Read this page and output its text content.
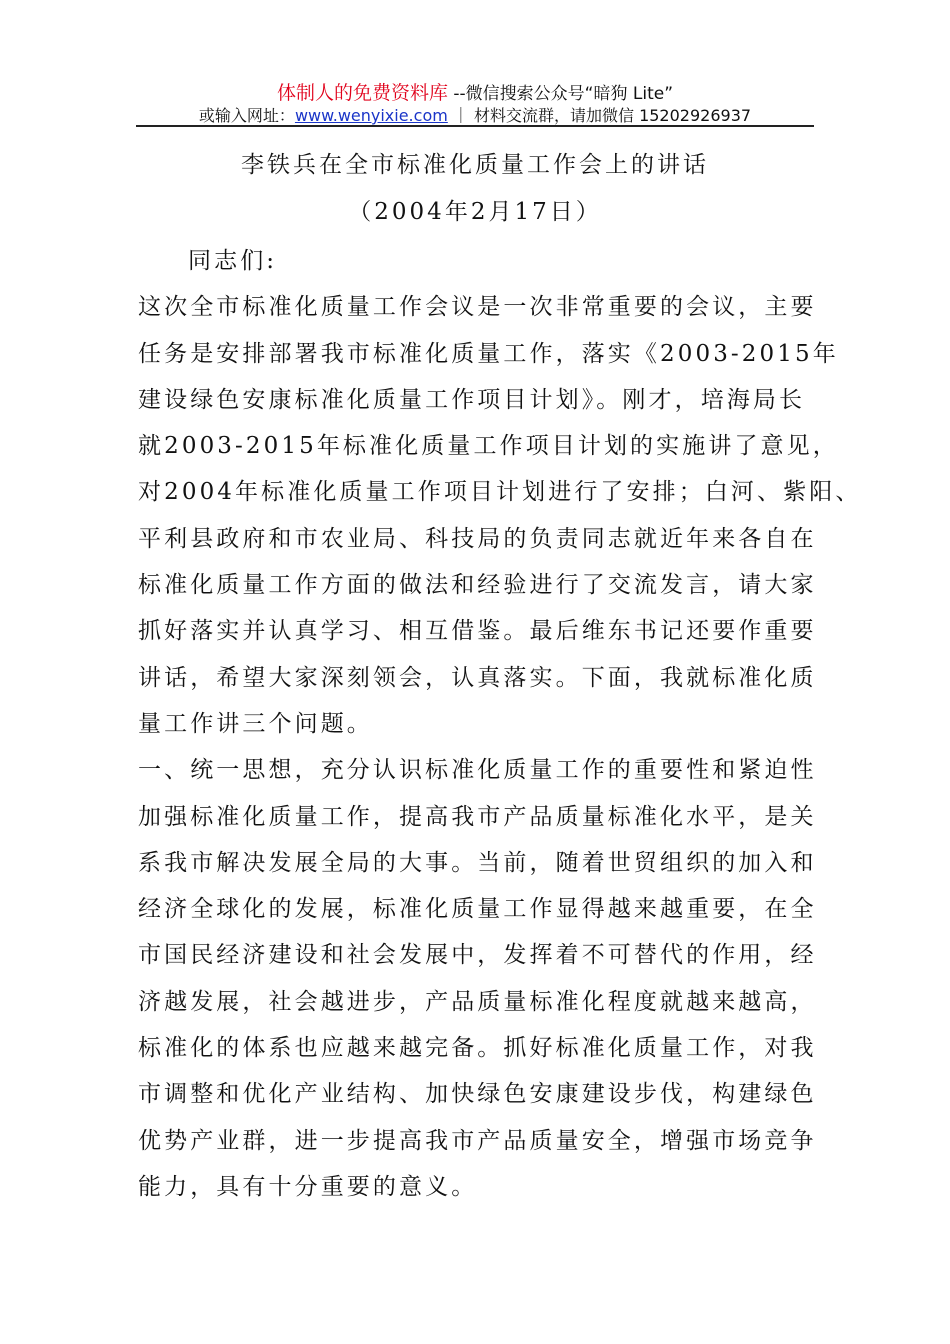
体制人的免费资料库 --微信搜索公众号“暗狗 Lite”
或输入网址：www.wenyixie.com ｜ 材料交流群，请加微信 15202926937
李铁兵在全市标准化质量工作会上的讲话
（2004年2月17日）
同志们:
这次全市标准化质量工作会议是一次非常重要的会议，主要
任务是安排部署我市标准化质量工作，落实《2003-2015年
建设绿色安康标准化质量工作项目计划》。刚才，培海局长
就2003-2015年标准化质量工作项目计划的实施讲了意见，
对2004年标准化质量工作项目计划进行了安排；白河、紫阳、
平利县政府和市农业局、科技局的负责同志就近年来各自在
标准化质量工作方面的做法和经验进行了交流发言，请大家
抓好落实并认真学习、相互借鉴。最后维东书记还要作重要
讲话，希望大家深刻领会，认真落实。下面，我就标准化质
量工作讲三个问题。
一、统一思想，充分认识标准化质量工作的重要性和紧迫性
加强标准化质量工作，提高我市产品质量标准化水平，是关
系我市解决发展全局的大事。当前，随着世贸组织的加入和
经济全球化的发展，标准化质量工作显得越来越重要，在全
市国民经济建设和社会发展中，发挥着不可替代的作用，经
济越发展，社会越进步，产品质量标准化程度就越来越高，
标准化的体系也应越来越完备。抓好标准化质量工作，对我
市调整和优化产业结构、加快绿色安康建设步伐，构建绿色
优势产业群，进一步提高我市产品质量安全，增强市场竞争
能力，具有十分重要的意义。
